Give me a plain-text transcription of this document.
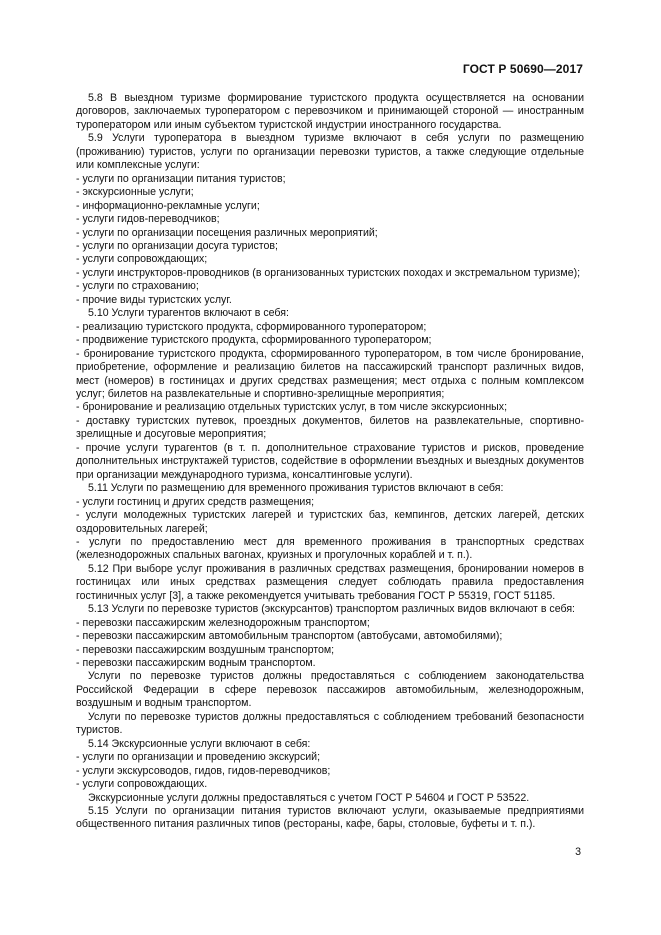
ГОСТ Р 50690—2017

5.8 В выездном туризме формирование туристского продукта осуществляется на основании договоров, заключаемых туроператором с перевозчиком и принимающей стороной — иностранным туроператором или иным субъектом туристской индустрии иностранного государства.

5.9 Услуги туроператора в выездном туризме включают в себя услуги по размещению (проживанию) туристов, услуги по организации перевозки туристов, а также следующие отдельные или комплексные услуги:

- услуги по организации питания туристов;

- экскурсионные услуги;

- информационно-рекламные услуги;

- услуги гидов-переводчиков;

- услуги по организации посещения различных мероприятий;

- услуги по организации досуга туристов;

- услуги сопровождающих;

- услуги инструкторов-проводников (в организованных туристских походах и экстремальном туризме);

- услуги по страхованию;

- прочие виды туристских услуг.

5.10 Услуги турагентов включают в себя:

- реализацию туристского продукта, сформированного туроператором;

- продвижение туристского продукта, сформированного туроператором;

- бронирование туристского продукта, сформированного туроператором, в том числе бронирование, приобретение, оформление и реализацию билетов на пассажирский транспорт различных видов, мест (номеров) в гостиницах и других средствах размещения; мест отдыха с полным комплексом услуг; билетов на развлекательные и спортивно-зрелищные мероприятия;

- бронирование и реализацию отдельных туристских услуг, в том числе экскурсионных;

- доставку туристских путевок, проездных документов, билетов на развлекательные, спортивно-зрелищные и досуговые мероприятия;

- прочие услуги турагентов (в т. п. дополнительное страхование туристов и рисков, проведение дополнительных инструктажей туристов, содействие в оформлении въездных и выездных документов при организации международного туризма, консалтинговые услуги).

5.11 Услуги по размещению для временного проживания туристов включают в себя:

- услуги гостиниц и других средств размещения;

- услуги молодежных туристских лагерей и туристских баз, кемпингов, детских лагерей, детских оздоровительных лагерей;

- услуги по предоставлению мест для временного проживания в транспортных средствах (железнодорожных спальных вагонах, круизных и прогулочных кораблей и т. п.).

5.12 При выборе услуг проживания в различных средствах размещения, бронировании номеров в гостиницах или иных средствах размещения следует соблюдать правила предоставления гостиничных услуг [3], а также рекомендуется учитывать требования ГОСТ Р 55319, ГОСТ 51185.

5.13 Услуги по перевозке туристов (экскурсантов) транспортом различных видов включают в себя:

- перевозки пассажирским железнодорожным транспортом;

- перевозки пассажирским автомобильным транспортом (автобусами, автомобилями);

- перевозки пассажирским воздушным транспортом;

- перевозки пассажирским водным транспортом.

Услуги по перевозке туристов должны предоставляться с соблюдением законодательства Российской Федерации в сфере перевозок пассажиров автомобильным, железнодорожным, воздушным и водным транспортом.

Услуги по перевозке туристов должны предоставляться с соблюдением требований безопасности туристов.

5.14 Экскурсионные услуги включают в себя:

- услуги по организации и проведению экскурсий;

- услуги экскурсоводов, гидов, гидов-переводчиков;

- услуги сопровождающих.

Экскурсионные услуги должны предоставляться с учетом ГОСТ Р 54604 и ГОСТ Р 53522.

5.15 Услуги по организации питания туристов включают услуги, оказываемые предприятиями общественного питания различных типов (рестораны, кафе, бары, столовые, буфеты и т. п.).

3
